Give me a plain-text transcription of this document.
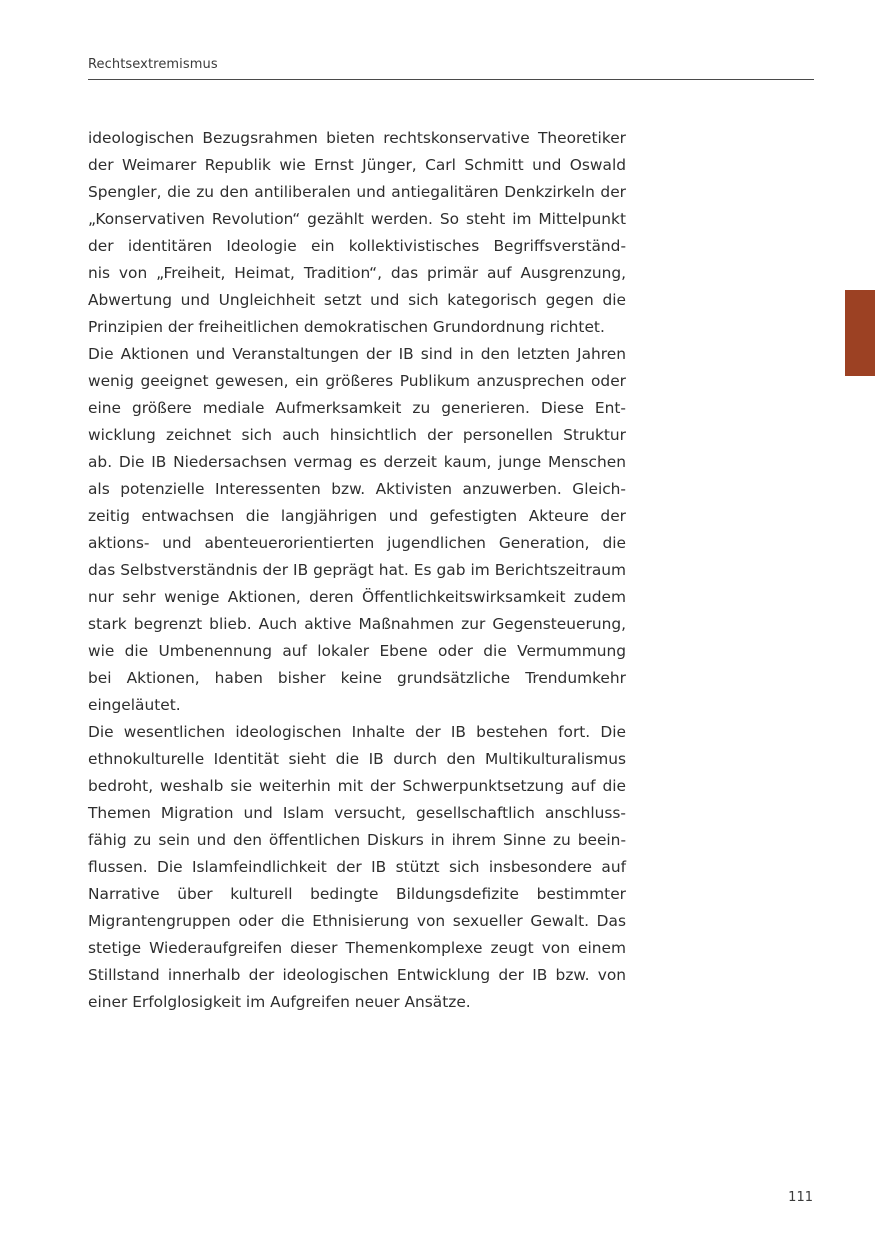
Rechtsextremismus

ideologischen Bezugsrahmen bieten rechtskonservative Theoretiker
der Weimarer Republik wie Ernst Jünger, Carl Schmitt und Oswald
Spengler, die zu den antiliberalen und antiegalitären Denkzirkeln der
„Konservativen Revolution“ gezählt werden. So steht im Mittelpunkt
der identitären Ideologie ein kollektivistisches Begriffsverständ-
nis von „Freiheit, Heimat, Tradition“, das primär auf Ausgrenzung,
Abwertung und Ungleichheit setzt und sich kategorisch gegen die
Prinzipien der freiheitlichen demokratischen Grundordnung richtet.

Die Aktionen und Veranstaltungen der IB sind in den letzten Jahren
wenig geeignet gewesen, ein größeres Publikum anzusprechen oder
eine größere mediale Aufmerksamkeit zu generieren. Diese Ent-
wicklung zeichnet sich auch hinsichtlich der personellen Struktur
ab. Die IB Niedersachsen vermag es derzeit kaum, junge Menschen
als potenzielle Interessenten bzw. Aktivisten anzuwerben. Gleich-
zeitig entwachsen die langjährigen und gefestigten Akteure der
aktions- und abenteuerorientierten jugendlichen Generation, die
das Selbstverständnis der IB geprägt hat. Es gab im Berichtszeitraum
nur sehr wenige Aktionen, deren Öffentlichkeitswirksamkeit zudem
stark begrenzt blieb. Auch aktive Maßnahmen zur Gegensteuerung,
wie die Umbenennung auf lokaler Ebene oder die Vermummung
bei Aktionen, haben bisher keine grundsätzliche Trendumkehr
eingeläutet.

Die wesentlichen ideologischen Inhalte der IB bestehen fort. Die
ethnokulturelle Identität sieht die IB durch den Multikulturalismus
bedroht, weshalb sie weiterhin mit der Schwerpunktsetzung auf die
Themen Migration und Islam versucht, gesellschaftlich anschluss-
fähig zu sein und den öffentlichen Diskurs in ihrem Sinne zu beein-
flussen. Die Islamfeindlichkeit der IB stützt sich insbesondere auf
Narrative über kulturell bedingte Bildungsdefizite bestimmter
Migrantengruppen oder die Ethnisierung von sexueller Gewalt. Das
stetige Wiederaufgreifen dieser Themenkomplexe zeugt von einem
Stillstand innerhalb der ideologischen Entwicklung der IB bzw. von
einer Erfolglosigkeit im Aufgreifen neuer Ansätze.

111
